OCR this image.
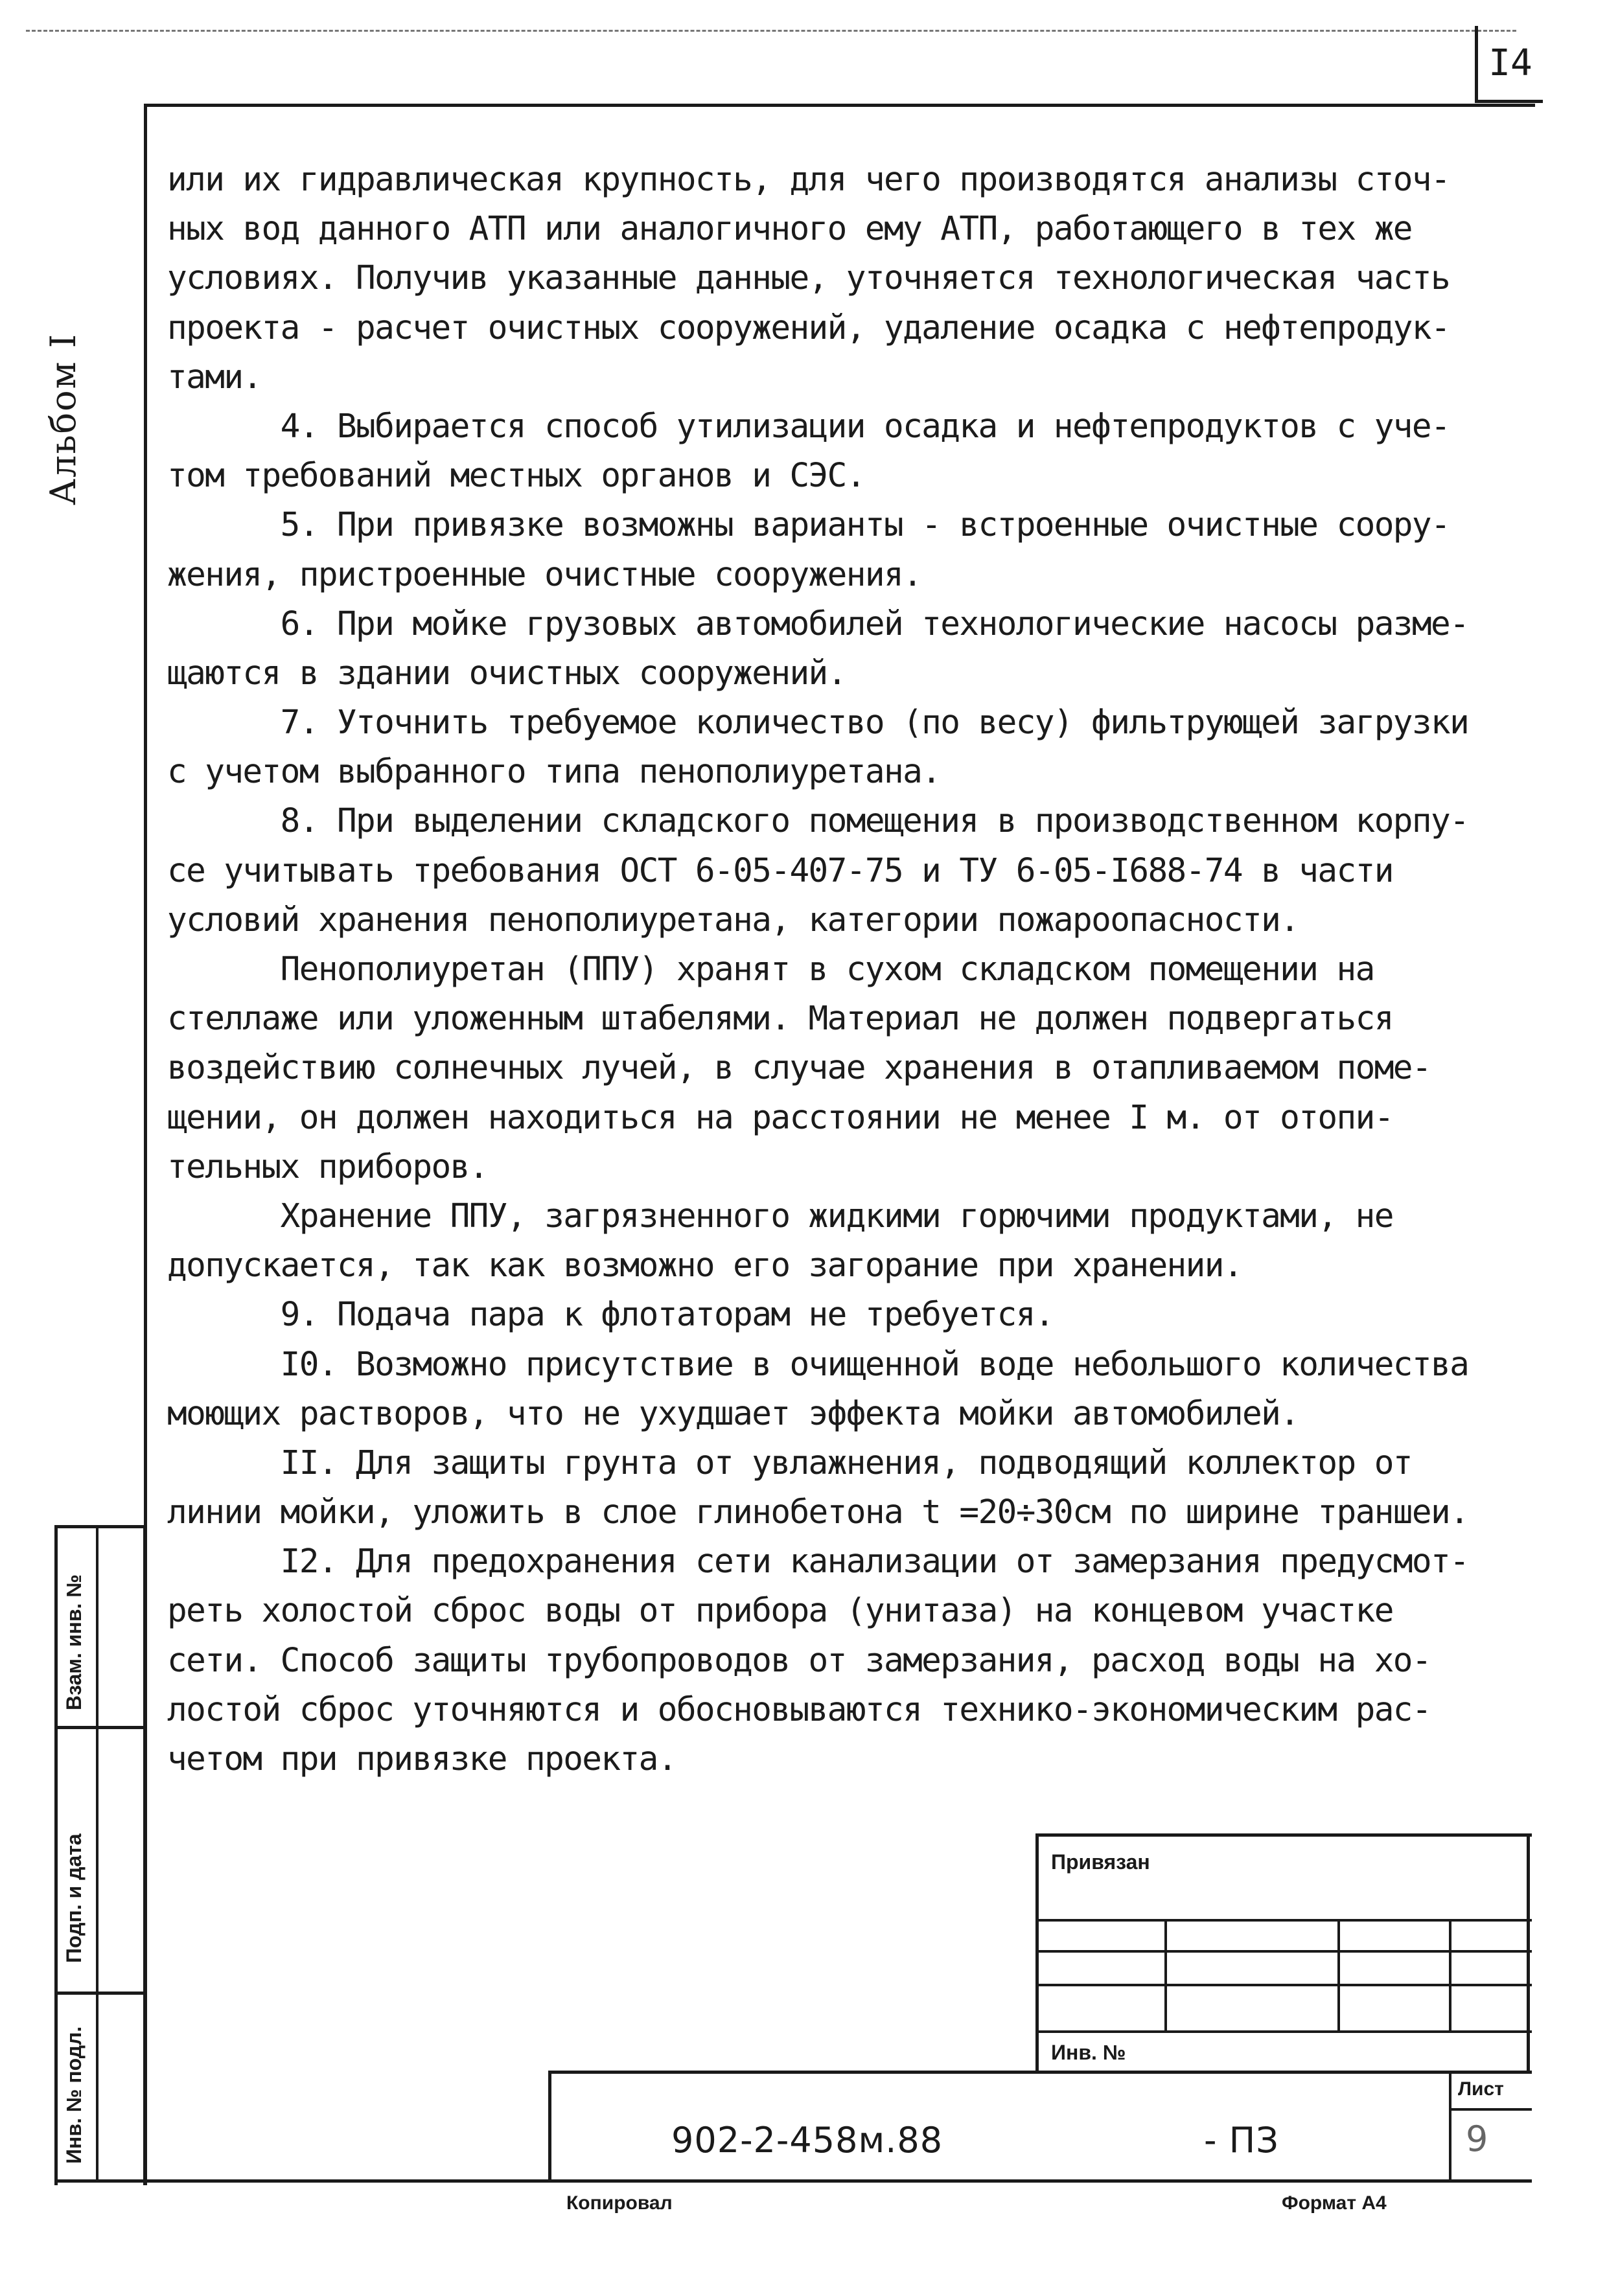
I4
Альбом I
или их гидравлическая крупность, для чего производятся анализы сточ-
ных вод данного АТП или аналогичного ему АТП, работающего в тех же
условиях. Получив указанные данные, уточняется технологическая часть
проекта - расчет очистных сооружений, удаление осадка с нефтепродук-
тами.
4. Выбирается способ утилизации осадка и нефтепродуктов с уче-
том требований местных органов и СЭС.
5. При привязке возможны варианты - встроенные очистные соору-
жения, пристроенные очистные сооружения.
6. При мойке грузовых автомобилей технологические насосы разме-
щаются в здании очистных сооружений.
7. Уточнить требуемое количество (по весу) фильтрующей загрузки
с учетом выбранного типа пенополиуретана.
8. При выделении складского помещения в производственном корпу-
се учитывать требования ОСТ 6-05-407-75 и ТУ 6-05-I688-74 в части
условий хранения пенополиуретана, категории пожароопасности.
Пенополиуретан (ППУ) хранят в сухом складском помещении на
стеллаже или уложенным штабелями. Материал не должен подвергаться
воздействию солнечных лучей, в случае хранения в отапливаемом поме-
щении, он должен находиться на расстоянии не менее I м. от отопи-
тельных приборов.
Хранение ППУ, загрязненного жидкими горючими продуктами, не
допускается, так как возможно его загорание при хранении.
9. Подача пара к флотаторам не требуется.
I0. Возможно присутствие в очищенной воде небольшого количества
моющих растворов, что не ухудшает эффекта мойки автомобилей.
II. Для защиты грунта от увлажнения, подводящий коллектор от
линии мойки, уложить в слое глинобетона t =20÷30см по ширине траншеи.
I2. Для предохранения сети канализации от замерзания предусмот-
реть холостой сброс воды от прибора (унитаза) на концевом участке
сети. Способ защиты трубопроводов от замерзания, расход воды на хо-
лостой сброс уточняются и обосновываются технико-экономическим рас-
четом при привязке проекта.
Взам. инв. №
Подп. и дата
Инв. № подл.
Привязан
Инв. №
902-2-458м.88	- ПЗ
Лист
9
Копировал	Формат А4
